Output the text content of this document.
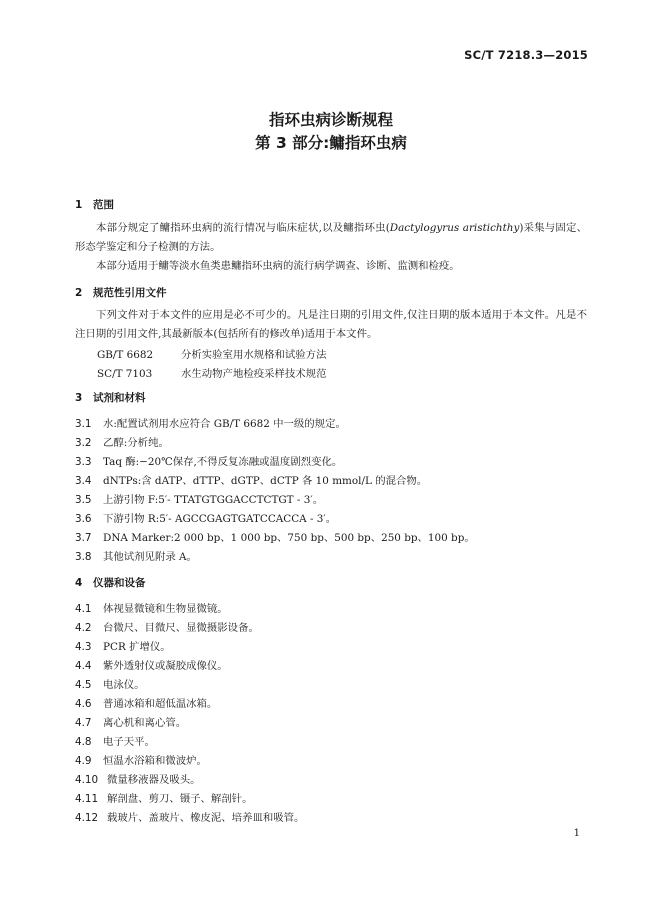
SC/T 7218.3—2015
指环虫病诊断规程
第 3 部分:鳙指环虫病
1 范围
本部分规定了鳙指环虫病的流行情况与临床症状,以及鳙指环虫(Dactylogyrus aristichthy)采集与固定、形态学鉴定和分子检测的方法。
本部分适用于鳙等淡水鱼类患鳙指环虫病的流行病学调查、诊断、监测和检疫。
2 规范性引用文件
下列文件对于本文件的应用是必不可少的。凡是注日期的引用文件,仅注日期的版本适用于本文件。凡是不注日期的引用文件,其最新版本(包括所有的修改单)适用于本文件。
GB/T 6682	分析实验室用水规格和试验方法
SC/T 7103	水生动物产地检疫采样技术规范
3 试剂和材料
3.1 水:配置试剂用水应符合 GB/T 6682 中一级的规定。
3.2 乙醇:分析纯。
3.3 Taq 酶:−20℃保存,不得反复冻融或温度剧烈变化。
3.4 dNTPs:含 dATP、dTTP、dGTP、dCTP 各 10 mmol/L 的混合物。
3.5 上游引物 F:5′- TTATGTGGACCTCTGT - 3′。
3.6 下游引物 R:5′- AGCCGAGTGATCCACCA - 3′。
3.7 DNA Marker:2 000 bp、1 000 bp、750 bp、500 bp、250 bp、100 bp。
3.8 其他试剂见附录 A。
4 仪器和设备
4.1 体视显微镜和生物显微镜。
4.2 台微尺、目微尺、显微摄影设备。
4.3 PCR 扩增仪。
4.4 紫外透射仪或凝胶成像仪。
4.5 电泳仪。
4.6 普通冰箱和超低温冰箱。
4.7 离心机和离心管。
4.8 电子天平。
4.9 恒温水浴箱和微波炉。
4.10 微量移液器及吸头。
4.11 解剖盘、剪刀、镊子、解剖针。
4.12 载玻片、盖玻片、橡皮泥、培养皿和吸管。
1
